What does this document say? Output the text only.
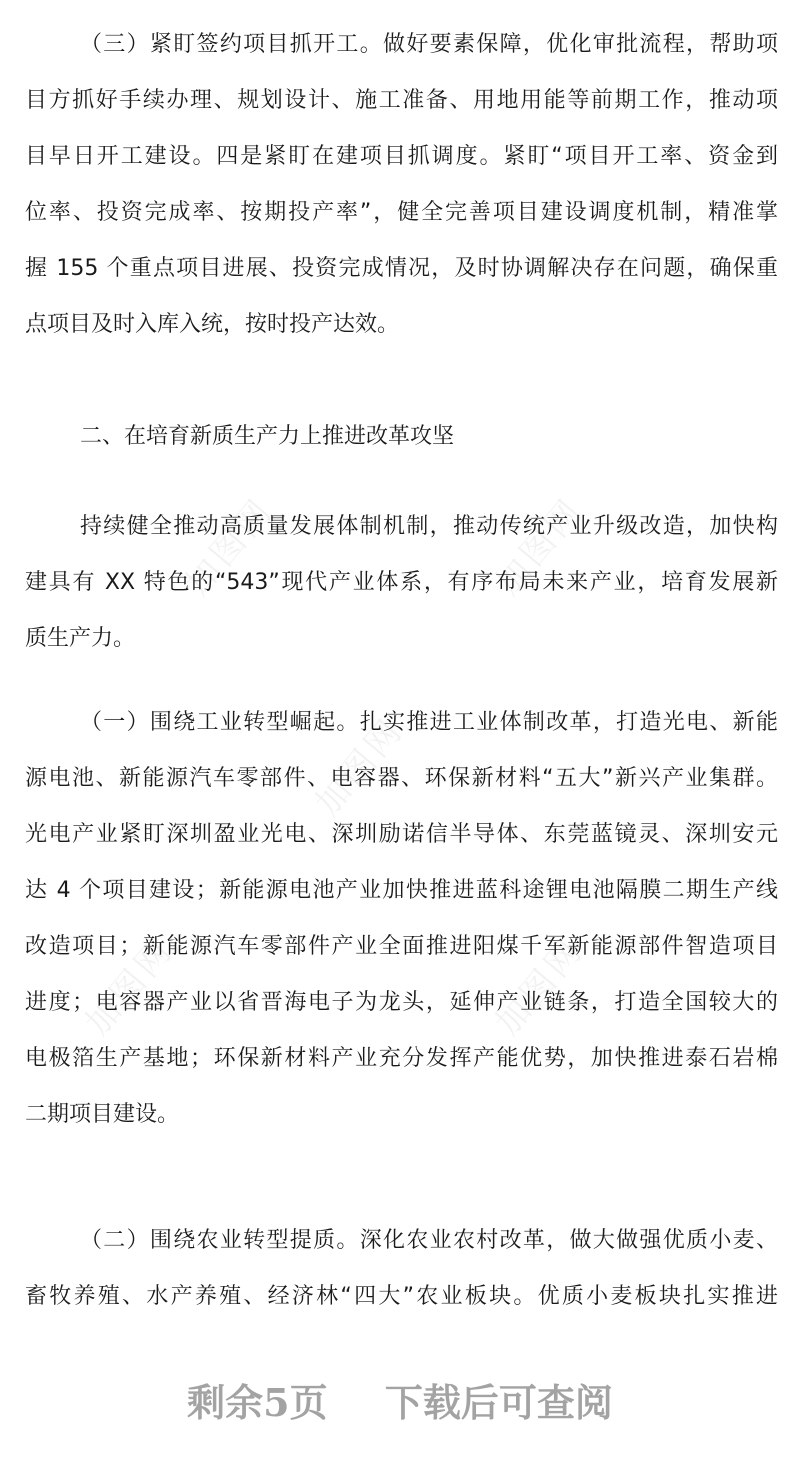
加图网	加图网
加图网
加图网	加图网
（三）紧盯签约项目抓开工。做好要素保障，优化审批流程，帮助项
目方抓好手续办理、规划设计、施工准备、用地用能等前期工作，推动项
目早日开工建设。四是紧盯在建项目抓调度。紧盯“项目开工率、资金到
位率、投资完成率、按期投产率”，健全完善项目建设调度机制，精准掌
握 155 个重点项目进展、投资完成情况，及时协调解决存在问题，确保重
点项目及时入库入统，按时投产达效。
二、在培育新质生产力上推进改革攻坚
持续健全推动高质量发展体制机制，推动传统产业升级改造，加快构
建具有 XX 特色的“543”现代产业体系，有序布局未来产业，培育发展新
质生产力。
（一）围绕工业转型崛起。扎实推进工业体制改革，打造光电、新能
源电池、新能源汽车零部件、电容器、环保新材料“五大”新兴产业集群。
光电产业紧盯深圳盈业光电、深圳励诺信半导体、东莞蓝镜灵、深圳安元
达 4 个项目建设；新能源电池产业加快推进蓝科途锂电池隔膜二期生产线
改造项目；新能源汽车零部件产业全面推进阳煤千军新能源部件智造项目
进度；电容器产业以省晋海电子为龙头，延伸产业链条，打造全国较大的
电极箔生产基地；环保新材料产业充分发挥产能优势，加快推进泰石岩棉
二期项目建设。
（二）围绕农业转型提质。深化农业农村改革，做大做强优质小麦、
畜牧养殖、水产养殖、经济林“四大”农业板块。优质小麦板块扎实推进
剩余5页 下载后可查阅
